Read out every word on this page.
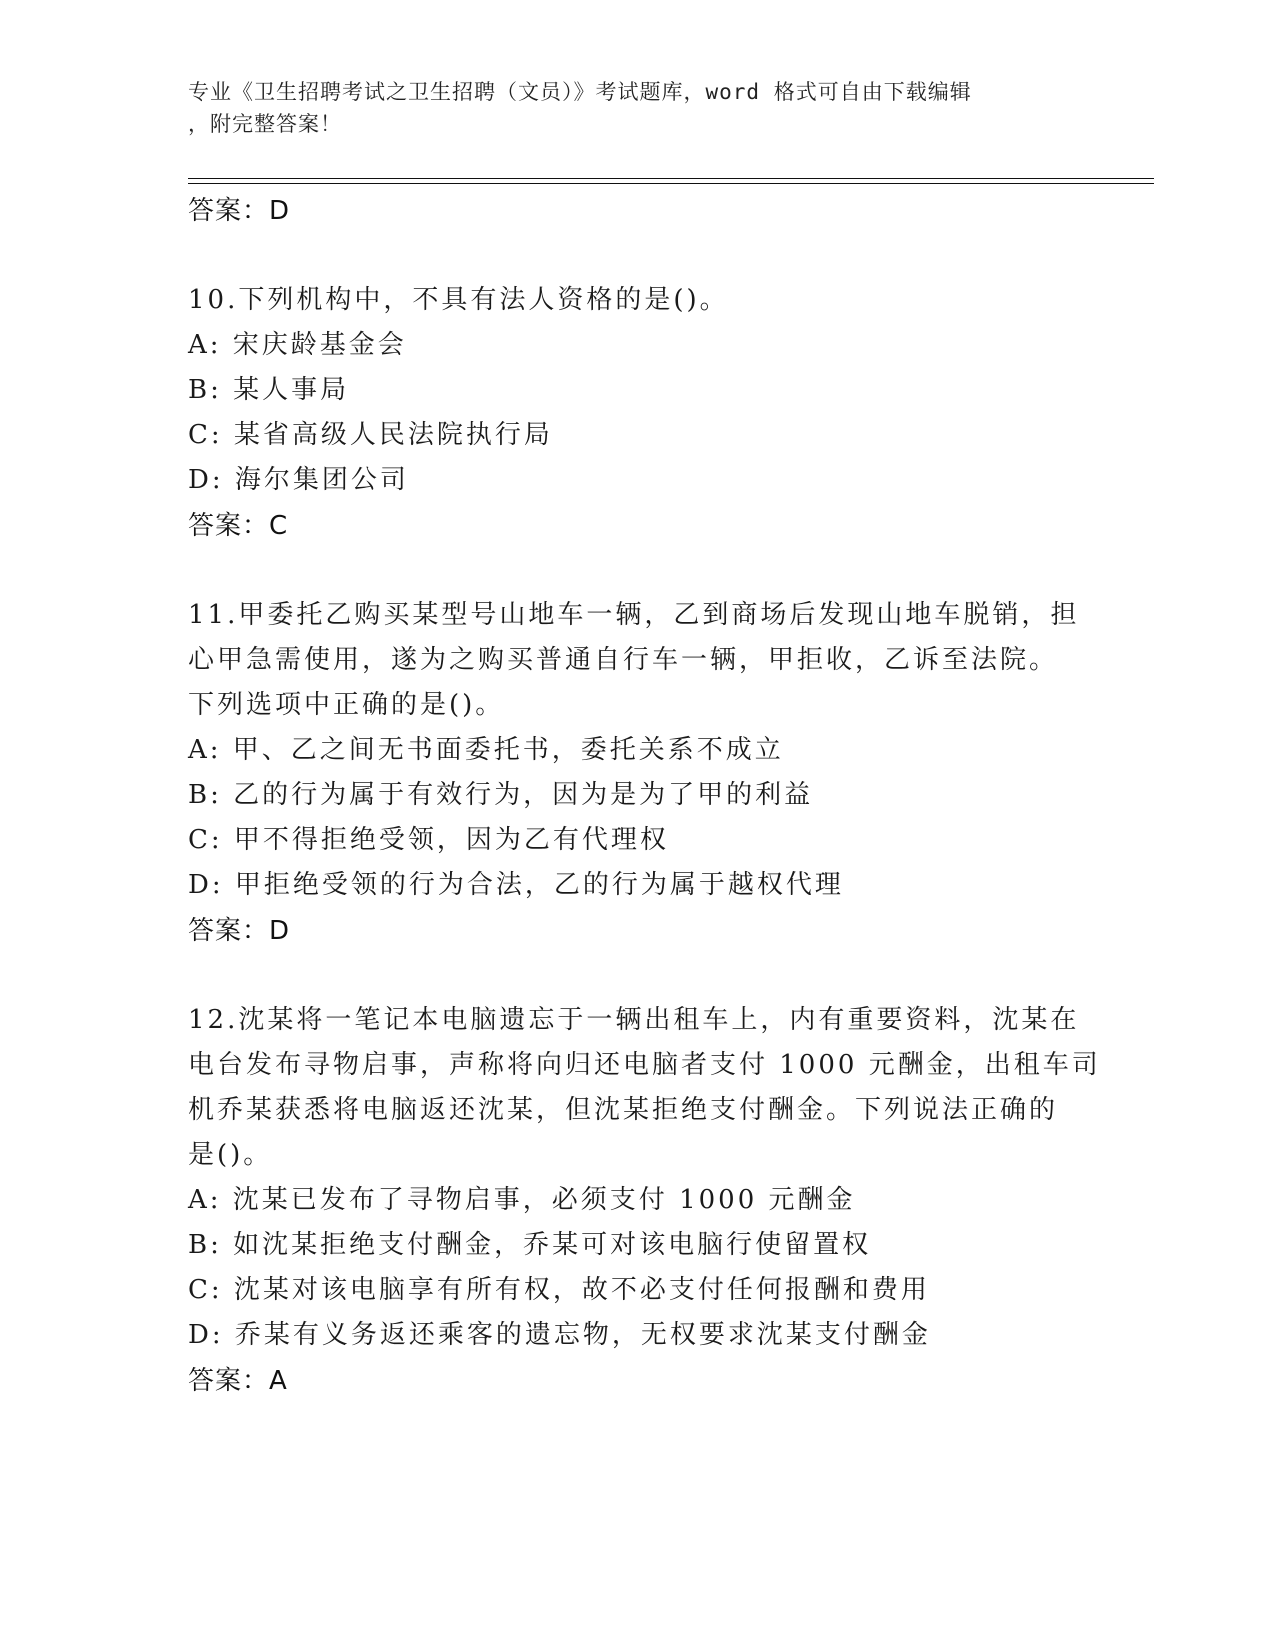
专业《卫生招聘考试之卫生招聘（文员）》考试题库，word 格式可自由下载编辑
，附完整答案！
答案：D
10.下列机构中，不具有法人资格的是()。
A: 宋庆龄基金会
B: 某人事局
C: 某省高级人民法院执行局
D: 海尔集团公司
答案：C
11.甲委托乙购买某型号山地车一辆，乙到商场后发现山地车脱销，担
心甲急需使用，遂为之购买普通自行车一辆，甲拒收，乙诉至法院。
下列选项中正确的是()。
A: 甲、乙之间无书面委托书，委托关系不成立
B: 乙的行为属于有效行为，因为是为了甲的利益
C: 甲不得拒绝受领，因为乙有代理权
D: 甲拒绝受领的行为合法，乙的行为属于越权代理
答案：D
12.沈某将一笔记本电脑遗忘于一辆出租车上，内有重要资料，沈某在
电台发布寻物启事，声称将向归还电脑者支付 1000 元酬金，出租车司
机乔某获悉将电脑返还沈某，但沈某拒绝支付酬金。下列说法正确的
是()。
A: 沈某已发布了寻物启事，必须支付 1000 元酬金
B: 如沈某拒绝支付酬金，乔某可对该电脑行使留置权
C: 沈某对该电脑享有所有权，故不必支付任何报酬和费用
D: 乔某有义务返还乘客的遗忘物，无权要求沈某支付酬金
答案：A
